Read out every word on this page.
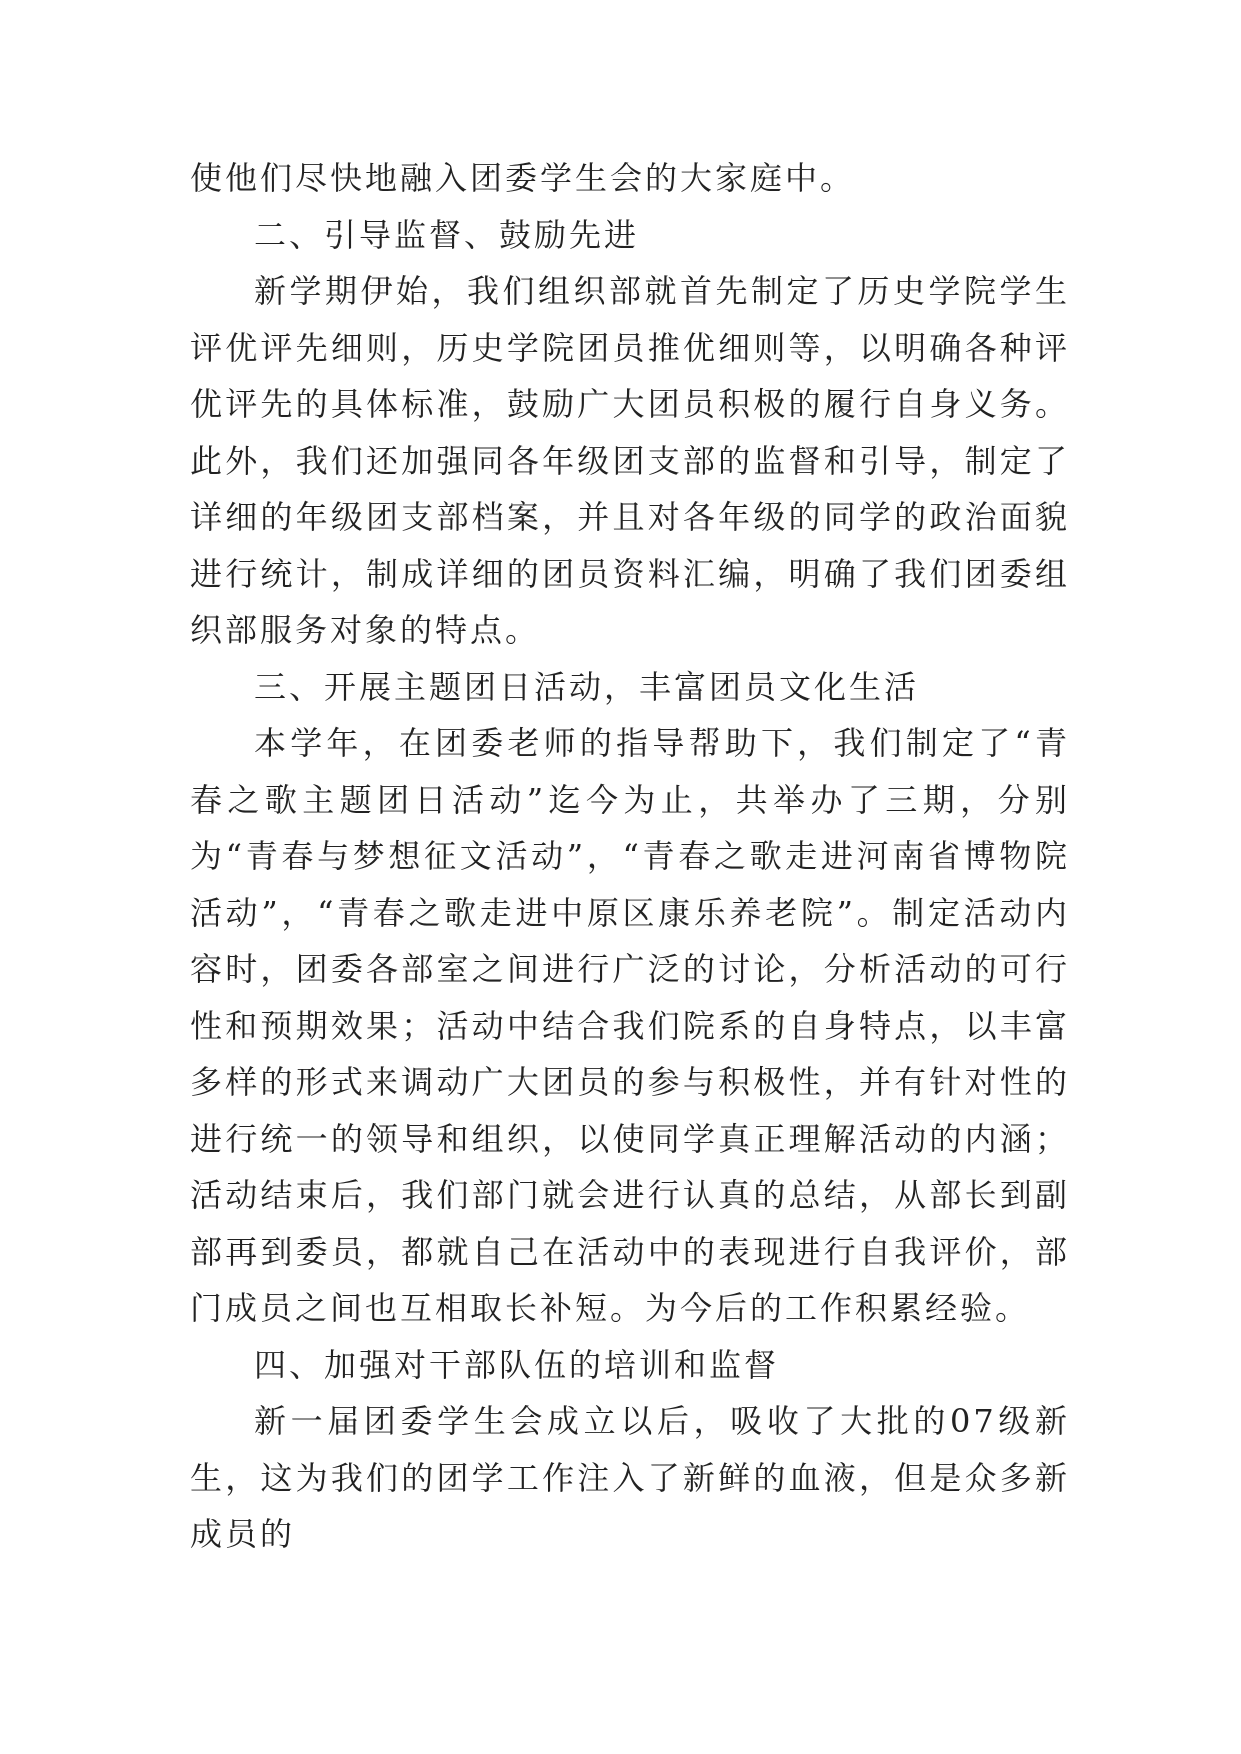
使他们尽快地融入团委学生会的大家庭中。

二、引导监督、鼓励先进

新学期伊始，我们组织部就首先制定了历史学院学生评优评先细则，历史学院团员推优细则等，以明确各种评优评先的具体标准，鼓励广大团员积极的履行自身义务。此外，我们还加强同各年级团支部的监督和引导，制定了详细的年级团支部档案，并且对各年级的同学的政治面貌进行统计，制成详细的团员资料汇编，明确了我们团委组织部服务对象的特点。

三、开展主题团日活动，丰富团员文化生活

本学年，在团委老师的指导帮助下，我们制定了“青春之歌主题团日活动”迄今为止，共举办了三期，分别为“青春与梦想征文活动”，“青春之歌走进河南省博物院活动”，“青春之歌走进中原区康乐养老院”。制定活动内容时，团委各部室之间进行广泛的讨论，分析活动的可行性和预期效果；活动中结合我们院系的自身特点，以丰富多样的形式来调动广大团员的参与积极性，并有针对性的进行统一的领导和组织，以使同学真正理解活动的内涵；活动结束后，我们部门就会进行认真的总结，从部长到副部再到委员，都就自己在活动中的表现进行自我评价，部门成员之间也互相取长补短。为今后的工作积累经验。

四、加强对干部队伍的培训和监督

新一届团委学生会成立以后，吸收了大批的07级新生，这为我们的团学工作注入了新鲜的血液，但是众多新成员的
